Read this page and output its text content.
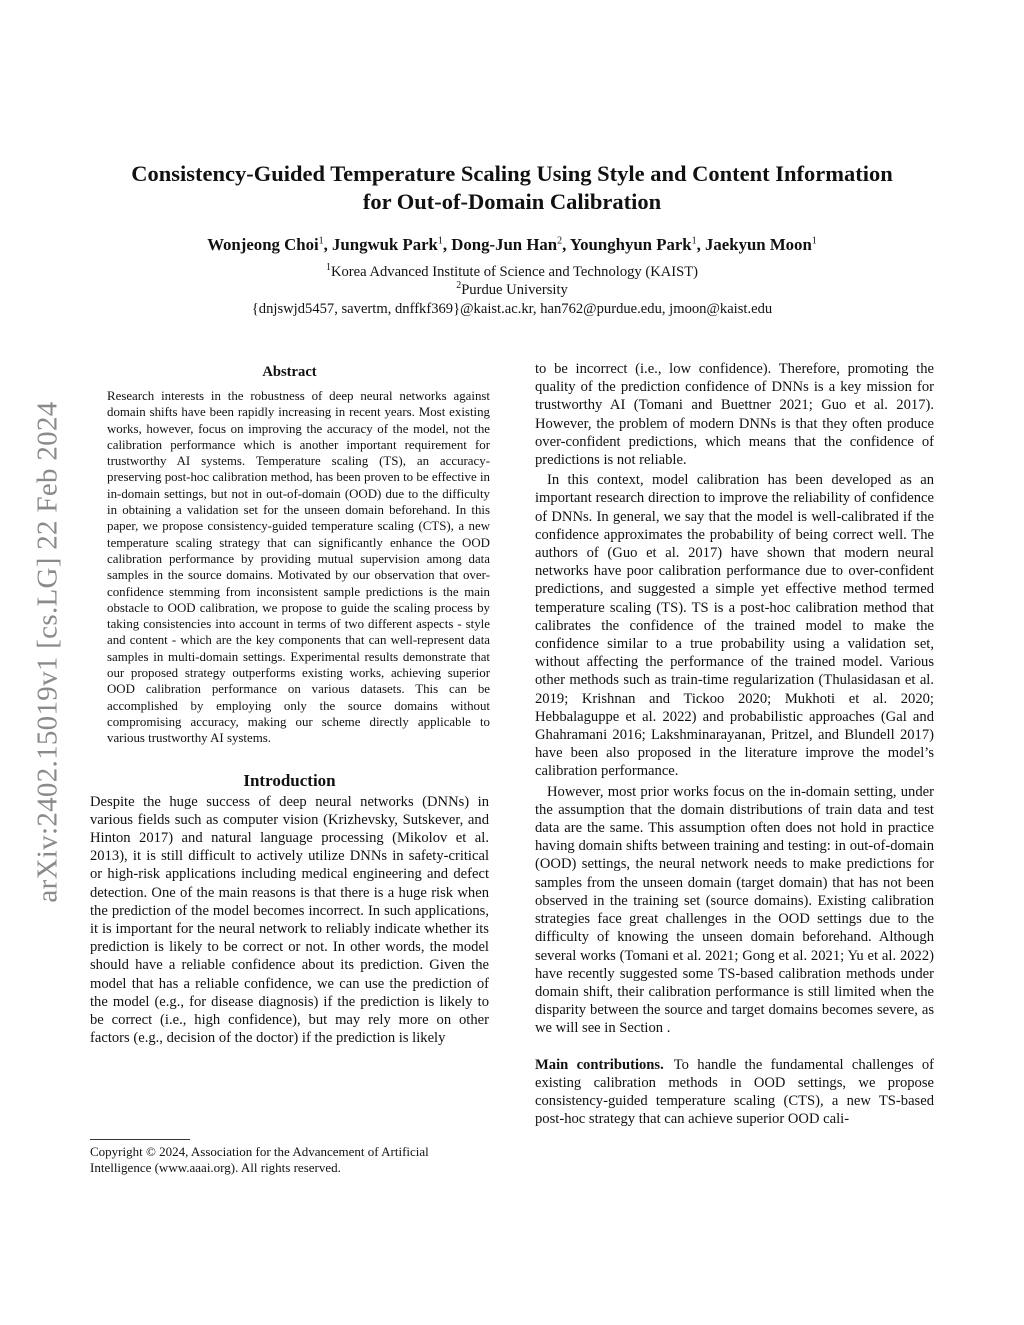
Consistency-Guided Temperature Scaling Using Style and Content Information
for Out-of-Domain Calibration
Wonjeong Choi$^1$, Jungwuk Park$^1$, Dong-Jun Han$^2$, Younghyun Park$^1$, Jaekyun Moon$^1$
$^1$Korea Advanced Institute of Science and Technology (KAIST)
$^2$Purdue University
{dnjswjd5457, savertm, dnffkf369}@kaist.ac.kr, han762@purdue.edu, jmoon@kaist.edu
arXiv:2402.15019v1 [cs.LG] 22 Feb 2024
Abstract

Research interests in the robustness of deep neural networks against domain shifts have been rapidly increasing in recent years. Most existing works, however, focus on improving the accuracy of the model, not the calibration performance which is another important requirement for trustworthy AI systems. Temperature scaling (TS), an accuracy-preserving post-hoc calibration method, has been proven to be effective in in-domain settings, but not in out-of-domain (OOD) due to the difficulty in obtaining a validation set for the unseen domain beforehand. In this paper, we propose consistency-guided temperature scaling (CTS), a new temperature scaling strategy that can significantly enhance the OOD calibration performance by providing mutual supervision among data samples in the source domains. Motivated by our observation that over-confidence stemming from inconsistent sample predictions is the main obstacle to OOD calibration, we propose to guide the scaling process by taking consistencies into account in terms of two different aspects - style and content - which are the key components that can well-represent data samples in multi-domain settings. Experimental results demonstrate that our proposed strategy outperforms existing works, achieving superior OOD calibration performance on various datasets. This can be accomplished by employing only the source domains without compromising accuracy, making our scheme directly applicable to various trustworthy AI systems.

Introduction

Despite the huge success of deep neural networks (DNNs) in various fields such as computer vision (Krizhevsky, Sutskever, and Hinton 2017) and natural language processing (Mikolov et al. 2013), it is still difficult to actively utilize DNNs in safety-critical or high-risk applications including medical engineering and defect detection. One of the main reasons is that there is a huge risk when the prediction of the model becomes incorrect. In such applications, it is important for the neural network to reliably indicate whether its prediction is likely to be correct or not. In other words, the model should have a reliable confidence about its prediction. Given the model that has a reliable confidence, we can use the prediction of the model (e.g., for disease diagnosis) if the prediction is likely to be correct (i.e., high confidence), but may rely more on other factors (e.g., decision of the doctor) if the prediction is likely

Copyright © 2024, Association for the Advancement of Artificial Intelligence (www.aaai.org). All rights reserved.

to be incorrect (i.e., low confidence). Therefore, promoting the quality of the prediction confidence of DNNs is a key mission for trustworthy AI (Tomani and Buettner 2021; Guo et al. 2017). However, the problem of modern DNNs is that they often produce over-confident predictions, which means that the confidence of predictions is not reliable.

In this context, model calibration has been developed as an important research direction to improve the reliability of confidence of DNNs. In general, we say that the model is well-calibrated if the confidence approximates the probability of being correct well. The authors of (Guo et al. 2017) have shown that modern neural networks have poor calibration performance due to over-confident predictions, and suggested a simple yet effective method termed temperature scaling (TS). TS is a post-hoc calibration method that calibrates the confidence of the trained model to make the confidence similar to a true probability using a validation set, without affecting the performance of the trained model. Various other methods such as train-time regularization (Thulasidasan et al. 2019; Krishnan and Tickoo 2020; Mukhoti et al. 2020; Hebbalaguppe et al. 2022) and probabilistic approaches (Gal and Ghahramani 2016; Lakshminarayanan, Pritzel, and Blundell 2017) have been also proposed in the literature improve the model’s calibration performance.

However, most prior works focus on the in-domain setting, under the assumption that the domain distributions of train data and test data are the same. This assumption often does not hold in practice having domain shifts between training and testing: in out-of-domain (OOD) settings, the neural network needs to make predictions for samples from the unseen domain (target domain) that has not been observed in the training set (source domains). Existing calibration strategies face great challenges in the OOD settings due to the difficulty of knowing the unseen domain beforehand. Although several works (Tomani et al. 2021; Gong et al. 2021; Yu et al. 2022) have recently suggested some TS-based calibration methods under domain shift, their calibration performance is still limited when the disparity between the source and target domains becomes severe, as we will see in Section .

Main contributions. To handle the fundamental challenges of existing calibration methods in OOD settings, we propose consistency-guided temperature scaling (CTS), a new TS-based post-hoc strategy that can achieve superior OOD cali-
